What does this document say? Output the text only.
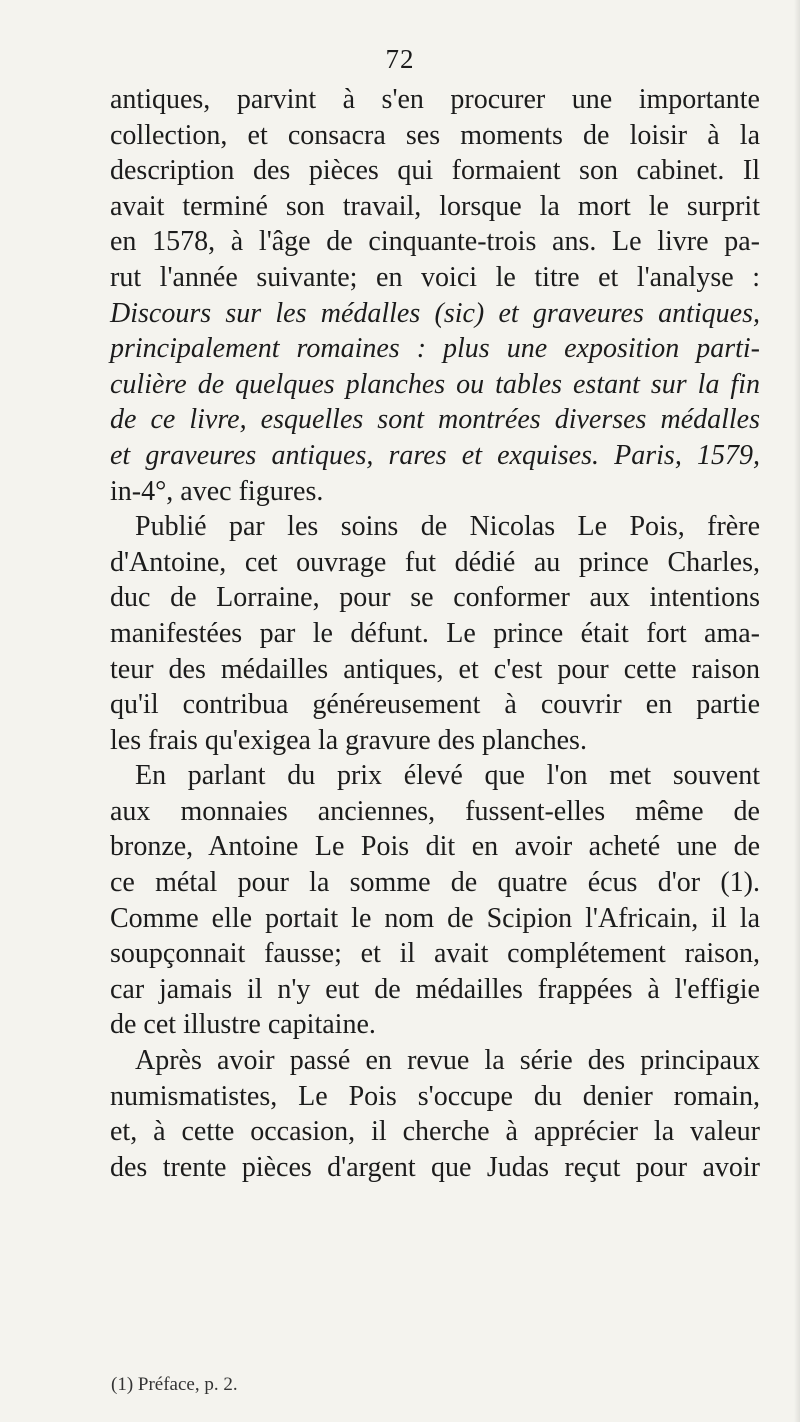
72
antiques, parvint à s'en procurer une importante
collection, et consacra ses moments de loisir à la
description des pièces qui formaient son cabinet. Il
avait terminé son travail, lorsque la mort le surprit
en 1578, à l'âge de cinquante-trois ans. Le livre pa-
rut l'année suivante; en voici le titre et l'analyse :
Discours sur les médalles (sic) et graveures antiques,
principalement romaines : plus une exposition parti-
culière de quelques planches ou tables estant sur la fin
de ce livre, esquelles sont montrées diverses médalles
et graveures antiques, rares et exquises. Paris, 1579,
in-4°, avec figures.
Publié par les soins de Nicolas Le Pois, frère
d'Antoine, cet ouvrage fut dédié au prince Charles,
duc de Lorraine, pour se conformer aux intentions
manifestées par le défunt. Le prince était fort ama-
teur des médailles antiques, et c'est pour cette raison
qu'il contribua généreusement à couvrir en partie
les frais qu'exigea la gravure des planches.
En parlant du prix élevé que l'on met souvent
aux monnaies anciennes, fussent-elles même de
bronze, Antoine Le Pois dit en avoir acheté une de
ce métal pour la somme de quatre écus d'or (1).
Comme elle portait le nom de Scipion l'Africain, il la
soupçonnait fausse; et il avait complétement raison,
car jamais il n'y eut de médailles frappées à l'effigie
de cet illustre capitaine.
Après avoir passé en revue la série des principaux
numismatistes, Le Pois s'occupe du denier romain,
et, à cette occasion, il cherche à apprécier la valeur
des trente pièces d'argent que Judas reçut pour avoir
(1) Préface, p. 2.
